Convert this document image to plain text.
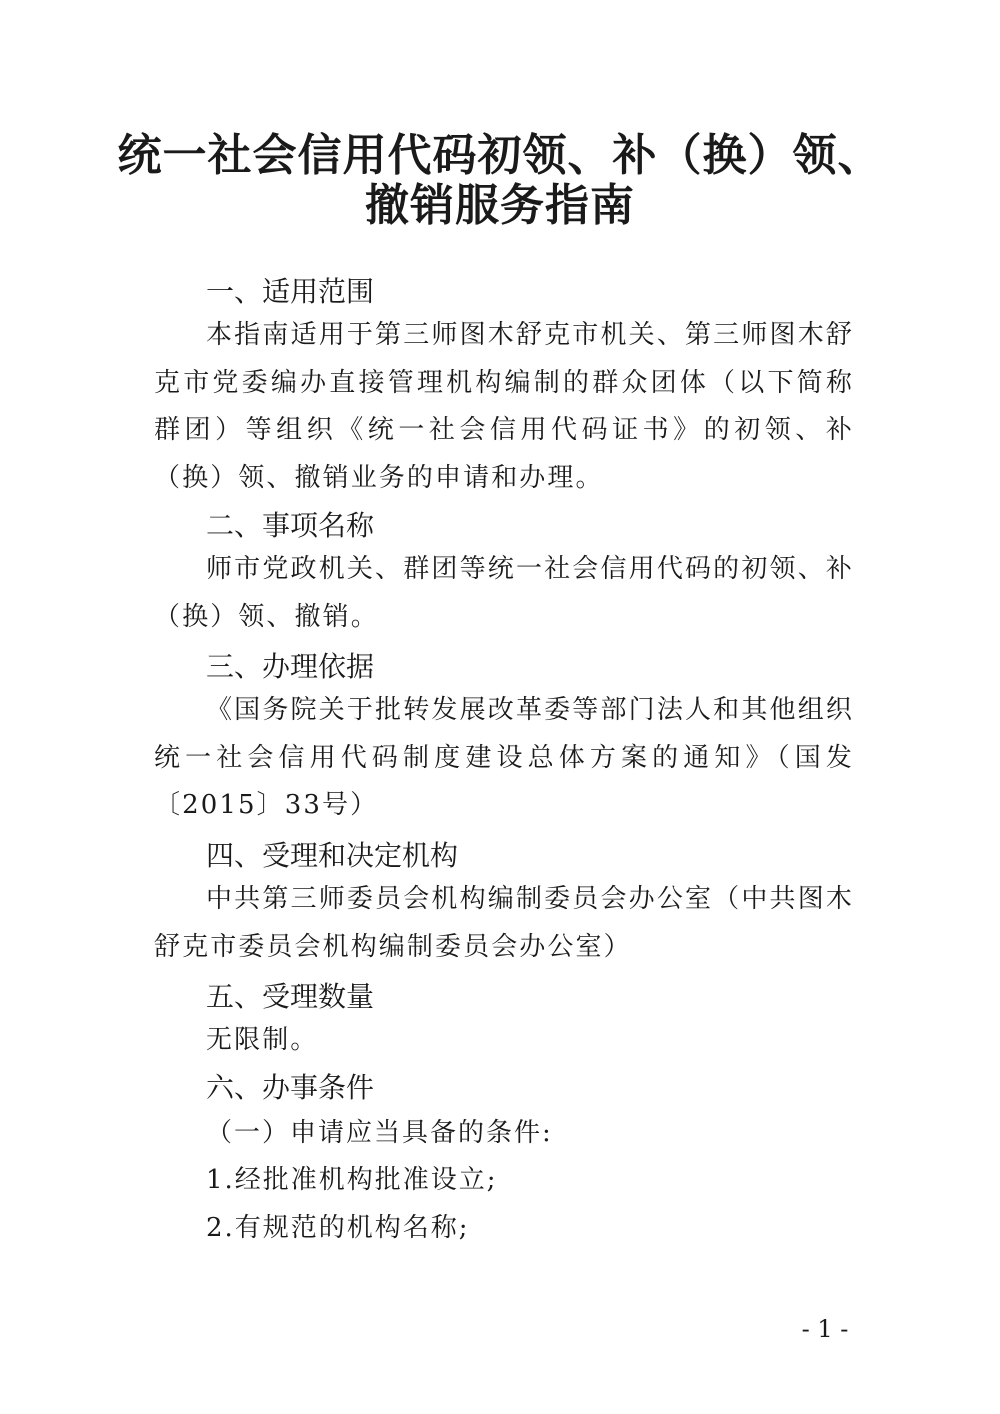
统一社会信用代码初领、补（换）领、
撤销服务指南

一、适用范围

本指南适用于第三师图木舒克市机关、第三师图木舒克市党委编办直接管理机构编制的群众团体（以下简称群团）等组织《统一社会信用代码证书》的初领、补（换）领、撤销业务的申请和办理。

二、事项名称

师市党政机关、群团等统一社会信用代码的初领、补（换）领、撤销。

三、办理依据

《国务院关于批转发展改革委等部门法人和其他组织统一社会信用代码制度建设总体方案的通知》（国发〔2015〕33号）

四、受理和决定机构

中共第三师委员会机构编制委员会办公室（中共图木舒克市委员会机构编制委员会办公室）

五、受理数量

无限制。

六、办事条件

（一）申请应当具备的条件:

1.经批准机构批准设立;

2.有规范的机构名称;

- 1 -
